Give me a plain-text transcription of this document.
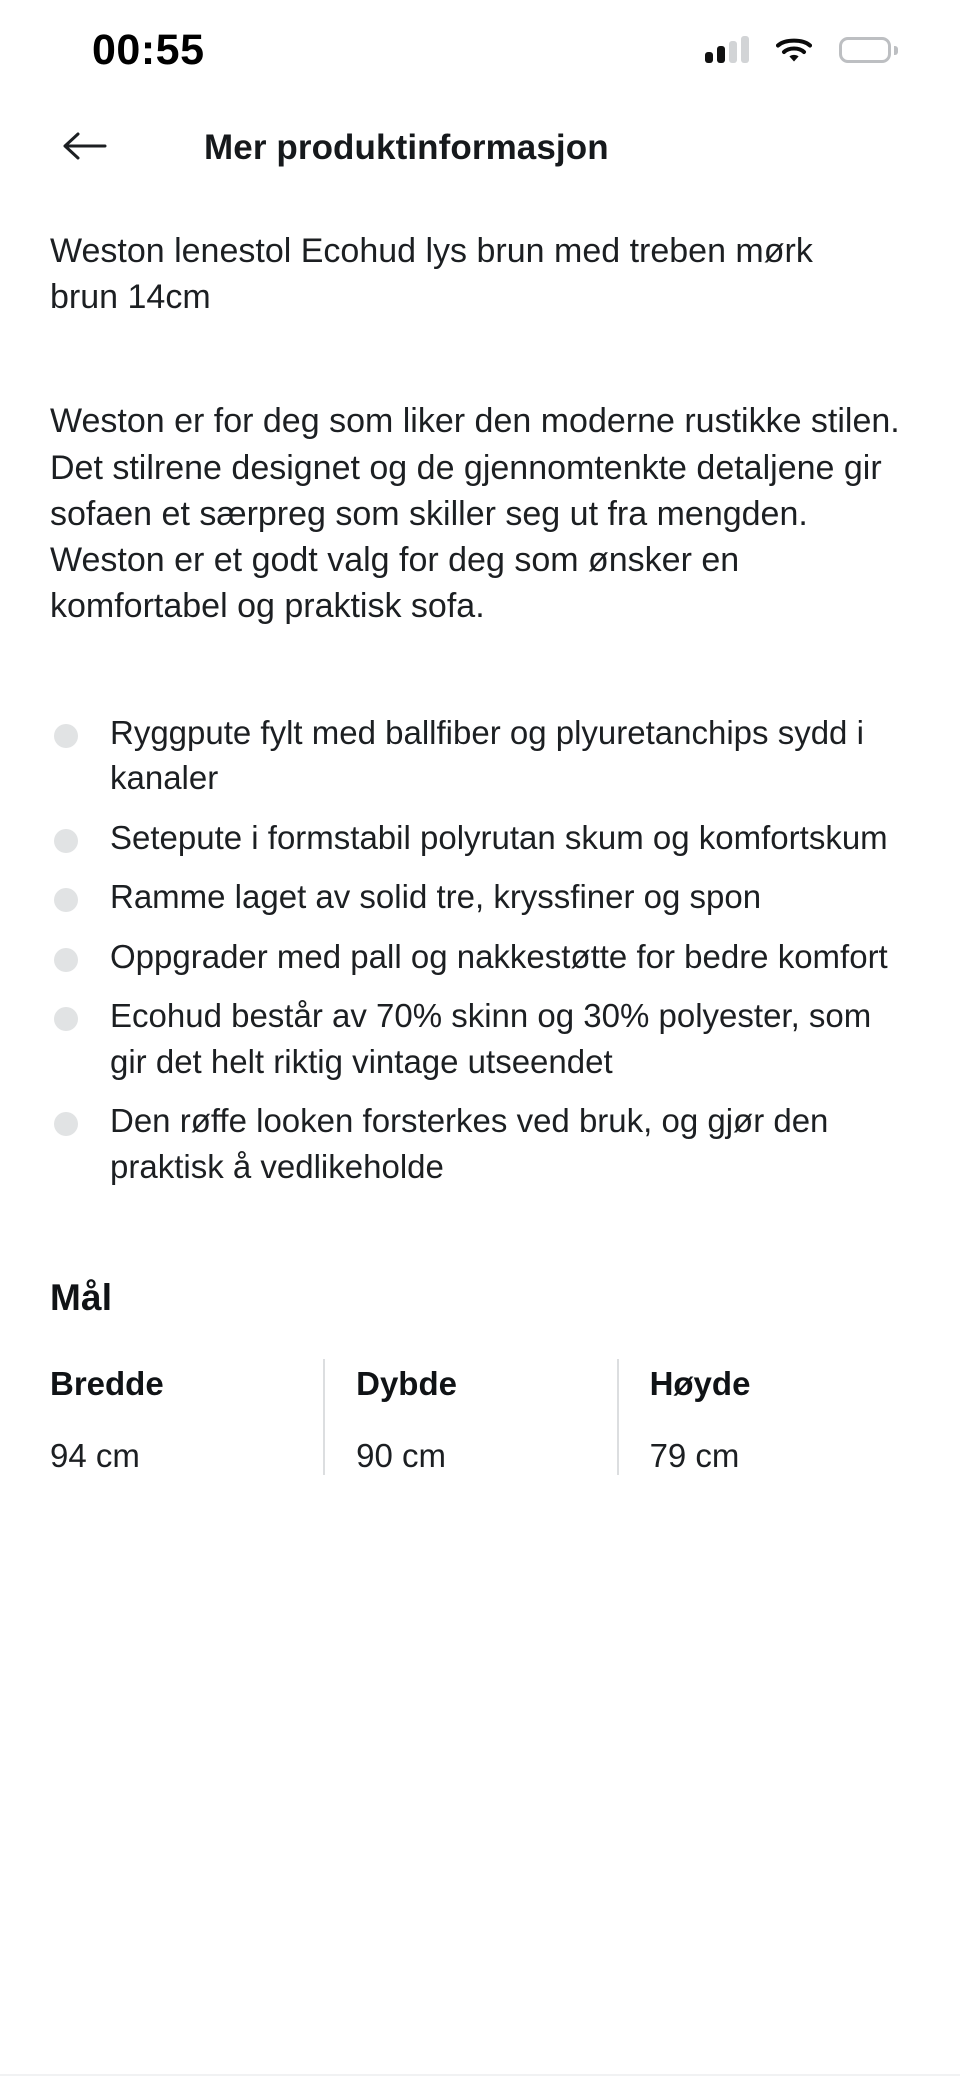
00:55
Mer produktinformasjon
Weston lenestol Ecohud lys brun med treben mørk brun 14cm
Weston er for deg som liker den moderne rustikke stilen. Det stilrene designet og de gjennomtenkte detaljene gir sofaen et særpreg som skiller seg ut fra mengden. Weston er et godt valg for deg som ønsker en komfortabel og praktisk sofa.
Ryggpute fylt med ballfiber og plyuretanchips sydd i kanaler
Setepute i formstabil polyrutan skum og komfortskum
Ramme laget av solid tre, kryssfiner og spon
Oppgrader med pall og nakkestøtte for bedre komfort
Ecohud består av 70% skinn og 30% polyester, som gir det helt riktig vintage utseendet
Den røffe looken forsterkes ved bruk, og gjør den praktisk å vedlikeholde
Mål
Bredde
94 cm
Dybde
90 cm
Høyde
79 cm
